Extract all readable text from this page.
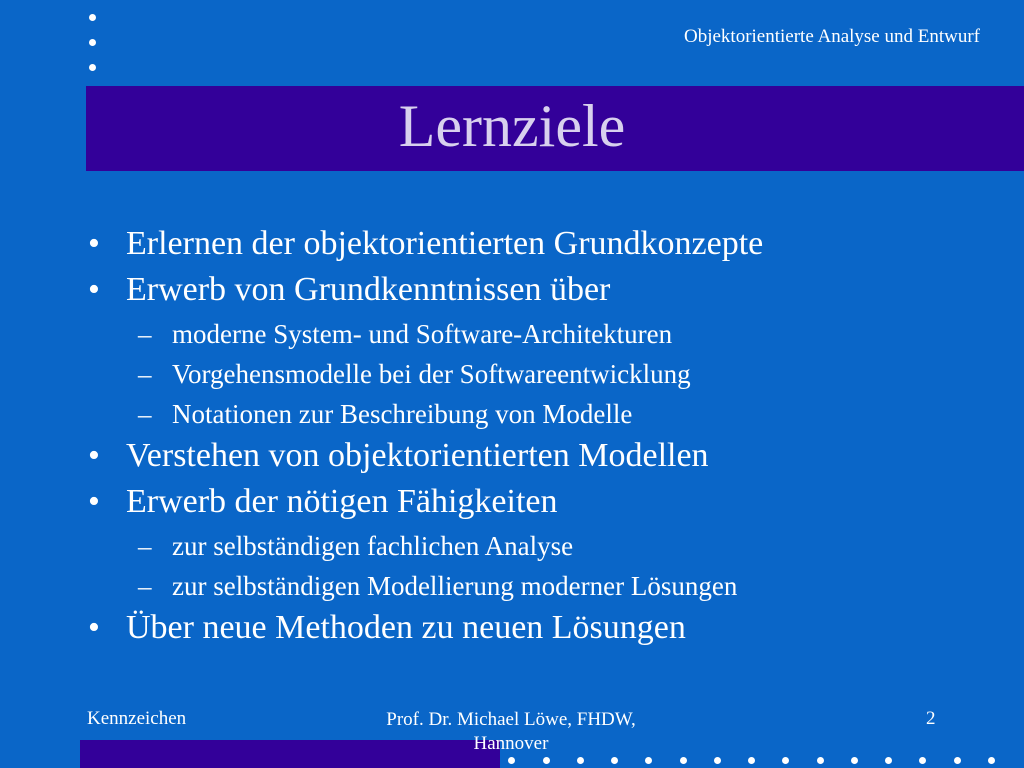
Objektorientierte Analyse und Entwurf
Lernziele
• Erlernen der objektorientierten Grundkonzepte
• Erwerb von Grundkenntnissen über
– moderne System- und Software-Architekturen
– Vorgehensmodelle bei der Softwareentwicklung
– Notationen zur Beschreibung von Modelle
• Verstehen von objektorientierten Modellen
• Erwerb der nötigen Fähigkeiten
– zur selbständigen fachlichen Analyse
– zur selbständigen Modellierung moderner Lösungen
• Über neue Methoden zu neuen Lösungen
Kennzeichen	Prof. Dr. Michael Löwe, FHDW, Hannover
2
